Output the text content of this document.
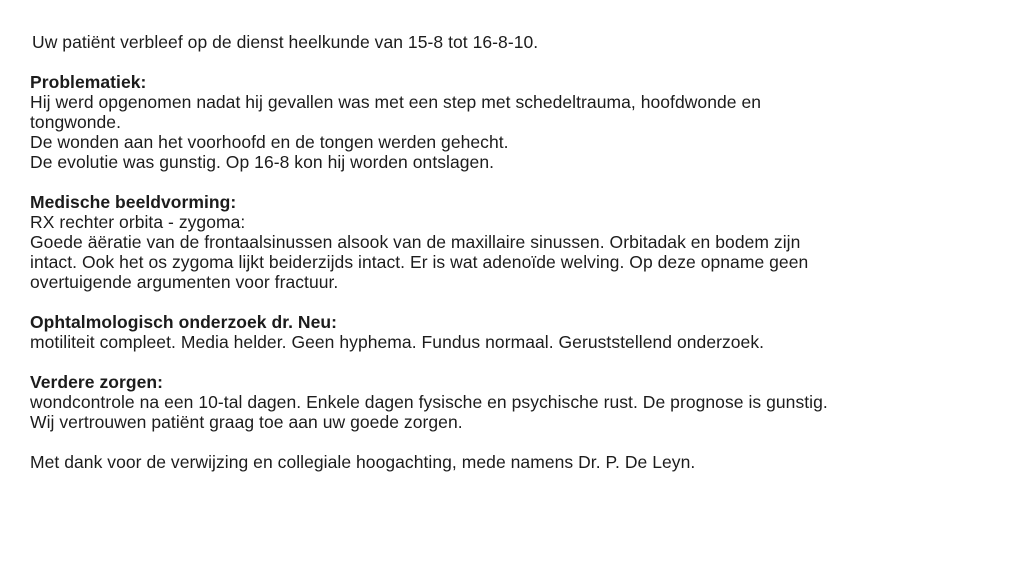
Uw patiënt verbleef op de dienst heelkunde van 15-8 tot 16-8-10.
Problematiek:
Hij werd opgenomen nadat hij gevallen was met een step met schedeltrauma, hoofdwonde en
tongwonde.
De wonden aan het voorhoofd en de tongen werden gehecht.
De evolutie was gunstig. Op 16-8 kon hij worden ontslagen.
Medische beeldvorming:
RX rechter orbita - zygoma:
Goede äëratie van de frontaalsinussen alsook van de maxillaire sinussen. Orbitadak en bodem zijn
intact. Ook het os zygoma lijkt beiderzijds intact. Er is wat adenoïde welving. Op deze opname geen
overtuigende argumenten voor fractuur.
Ophtalmologisch onderzoek dr. Neu:
motiliteit compleet. Media helder. Geen hyphema. Fundus normaal. Geruststellend onderzoek.
Verdere zorgen:
wondcontrole na een 10-tal dagen. Enkele dagen fysische en psychische rust. De prognose is gunstig.
Wij vertrouwen patiënt graag toe aan uw goede zorgen.
Met dank voor de verwijzing en collegiale hoogachting, mede namens Dr. P. De Leyn.
